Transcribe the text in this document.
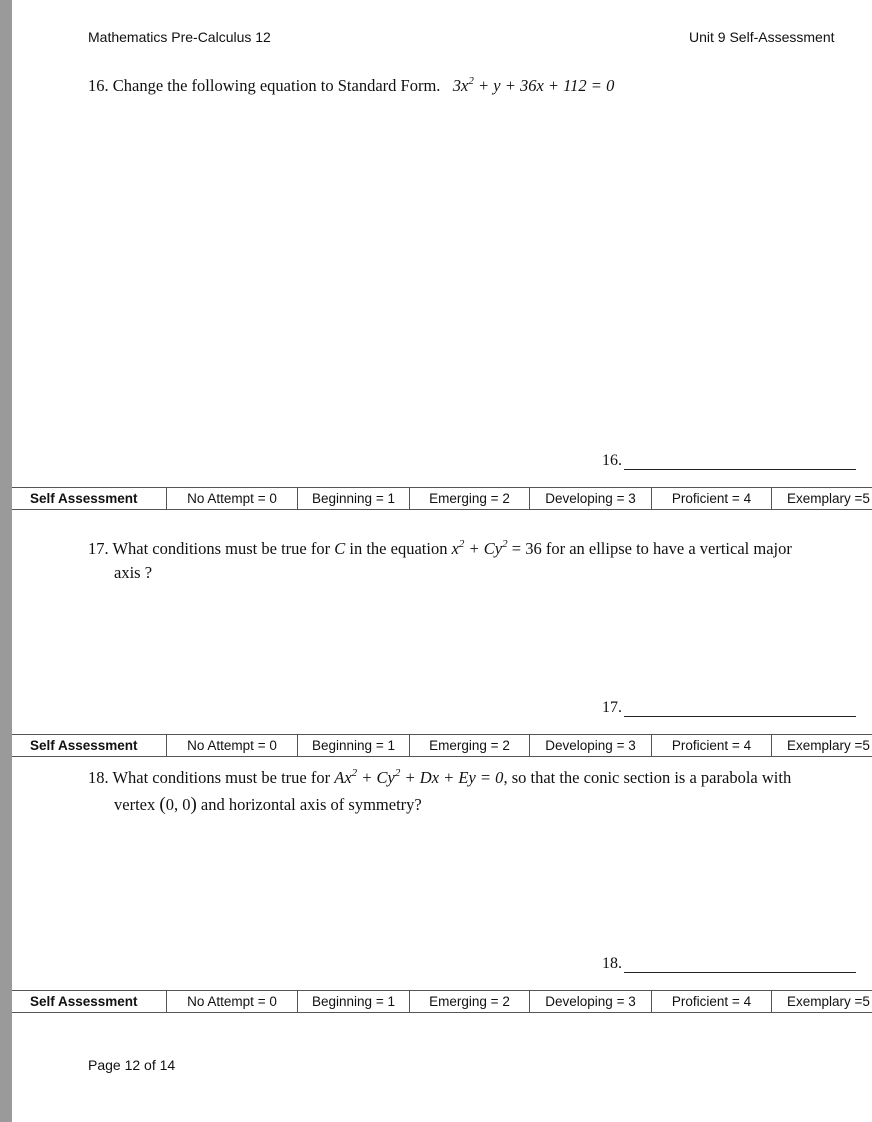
Mathematics Pre-Calculus 12	Unit 9 Self-Assessment
16. Change the following equation to Standard Form. $3x^2 + y + 36x + 112 = 0$
16.
Self Assessment	No Attempt = 0	Beginning = 1	Emerging = 2	Developing = 3	Proficient = 4	Exemplary =5
17. What conditions must be true for C in the equation $x^2 + Cy^2 = 36$ for an ellipse to have a vertical major
axis ?
17.
Self Assessment	No Attempt = 0	Beginning = 1	Emerging = 2	Developing = 3	Proficient = 4	Exemplary =5
18. What conditions must be true for $Ax^2 + Cy^2 + Dx + Ey = 0$, so that the conic section is a parabola with
vertex (0, 0) and horizontal axis of symmetry?
18.
Self Assessment	No Attempt = 0	Beginning = 1	Emerging = 2	Developing = 3	Proficient = 4	Exemplary =5
Page 12 of 14
